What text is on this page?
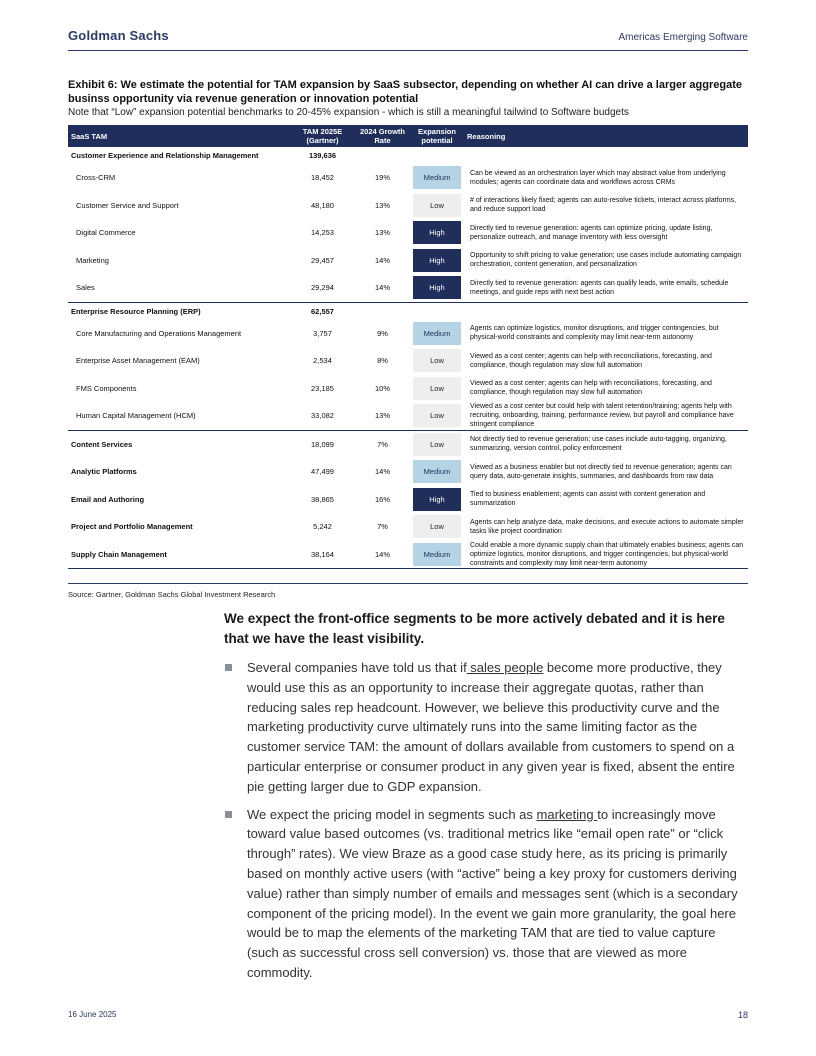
Goldman Sachs	Americas Emerging Software
Exhibit 6: We estimate the potential for TAM expansion by SaaS subsector, depending on whether AI can drive a larger aggregate businss opportunity via revenue generation or innovation potential
Note that “Low” expansion potential benchmarks to 20-45% expansion - which is still a meaningful tailwind to Software budgets
SaaS TAM	TAM 2025E (Gartner)	2024 Growth Rate	Expansion potential	Reasoning
Customer Experience and Relationship Management	139,636			
Cross-CRM	18,452	19%	Medium	Can be viewed as an orchestration layer which may abstract value from underlying modules; agents can coordinate data and workflows across CRMs
Customer Service and Support	48,180	13%	Low	# of interactions likely fixed; agents can auto-resolve tickets, interact across platforms, and reduce support load
Digital Commerce	14,253	13%	High	Directly tied to revenue generation: agents can optimize pricing, update listing, personalize outreach, and manage inventory with less oversight
Marketing	29,457	14%	High	Opportunity to shift pricing to value generation; use cases include automating campaign orchestration, content generation, and personalization
Sales	29,294	14%	High	Directly tied to revenue generation: agents can qualify leads, write emails, schedule meetings, and guide reps with next best action
Enterprise Resource Planning (ERP)	62,557			
Core Manufacturing and Operations Management	3,757	9%	Medium	Agents can optimize logistics, monitor disruptions, and trigger contingencies, but physical-world constraints and complexity may limit near-term autonomy
Enterprise Asset Management (EAM)	2,534	8%	Low	Viewed as a cost center; agents can help with reconciliations, forecasting, and compliance, though regulation may slow full automation
FMS Components	23,185	10%	Low	Viewed as a cost center; agents can help with reconciliations, forecasting, and compliance, though regulation may slow full automation
Human Capital Management (HCM)	33,082	13%	Low	Viewed as a cost center but could help with talent retention/training; agents help with recruiting, onboarding, training, performance review, but payroll and compliance have stringent compliance
Content Services	18,099	7%	Low	Not directly tied to revenue generation; use cases include auto-tagging, organizing, summarizing, version control, policy enforcement
Analytic Platforms	47,499	14%	Medium	Viewed as a business enabler but not directly tied to revenue generation; agents can query data, auto-generate insights, summaries, and dashboards from raw data
Email and Authoring	38,865	16%	High	Tied to business enablement; agents can assist with content generation and summarization
Project and Portfolio Management	5,242	7%	Low	Agents can help analyze data, make decisions, and execute actions to automate simpler tasks like project coordination
Supply Chain Management	38,164	14%	Medium	Could enable a more dynamic supply chain that ultimately enables business; agents can optimize logistics, monitor disruptions, and trigger contingencies, but physical-world constraints and complexity may limit near-term autonomy
Source: Gartner, Goldman Sachs Global Investment Research
We expect the front-office segments to be more actively debated and it is here that we have the least visibility.
Several companies have told us that if sales people become more productive, they would use this as an opportunity to increase their aggregate quotas, rather than reducing sales rep headcount. However, we believe this productivity curve and the marketing productivity curve ultimately runs into the same limiting factor as the customer service TAM: the amount of dollars available from customers to spend on a particular enterprise or consumer product in any given year is fixed, absent the entire pie getting larger due to GDP expansion.
We expect the pricing model in segments such as marketing to increasingly move toward value based outcomes (vs. traditional metrics like “email open rate” or “click through” rates). We view Braze as a good case study here, as its pricing is primarily based on monthly active users (with “active” being a key proxy for customers deriving value) rather than simply number of emails and messages sent (which is a secondary component of the pricing model). In the event we gain more granularity, the goal here would be to map the elements of the marketing TAM that are tied to value capture (such as successful cross sell conversion) vs. those that are viewed as more commodity.
16 June 2025	18
